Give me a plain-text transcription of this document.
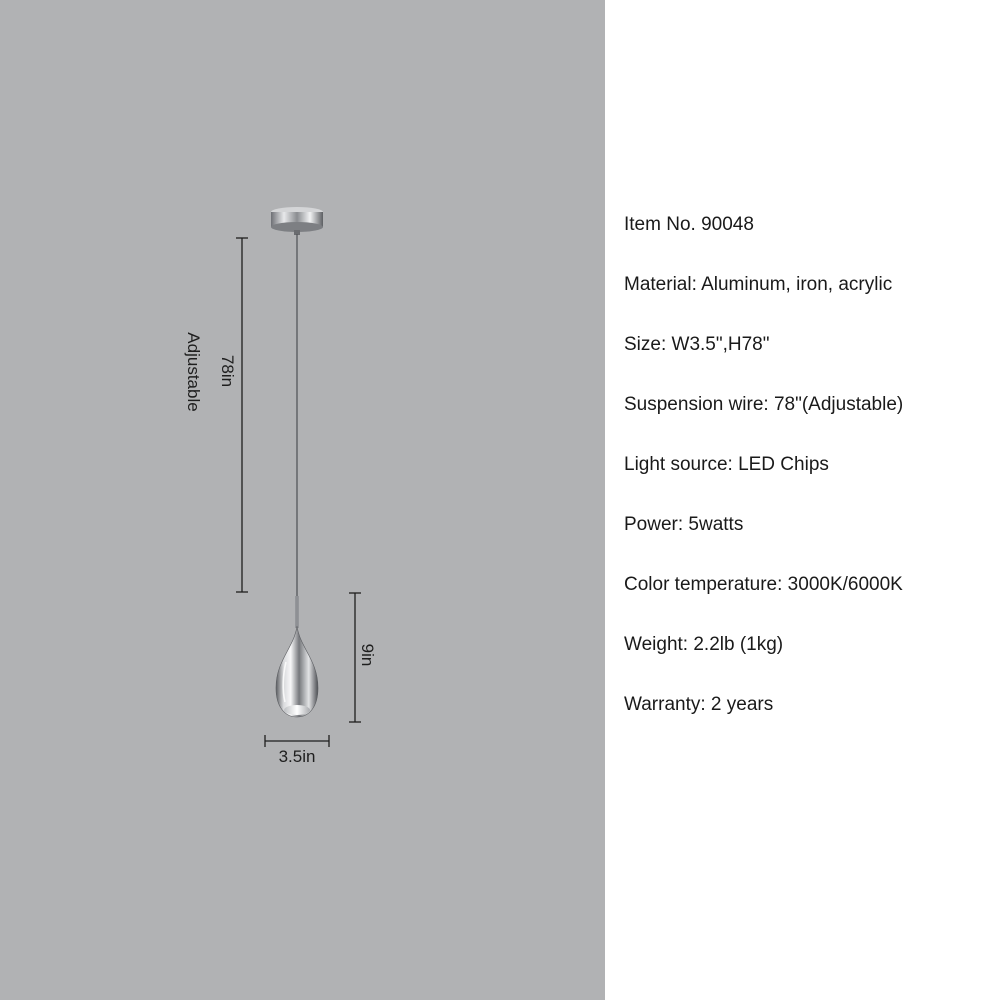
78in
Adjustable
9in
3.5in
Item No. 90048
Material: Aluminum, iron, acrylic
Size: W3.5",H78"
Suspension wire: 78"(Adjustable)
Light source: LED Chips
Power: 5watts
Color temperature: 3000K/6000K
Weight: 2.2lb (1kg)
Warranty: 2 years
